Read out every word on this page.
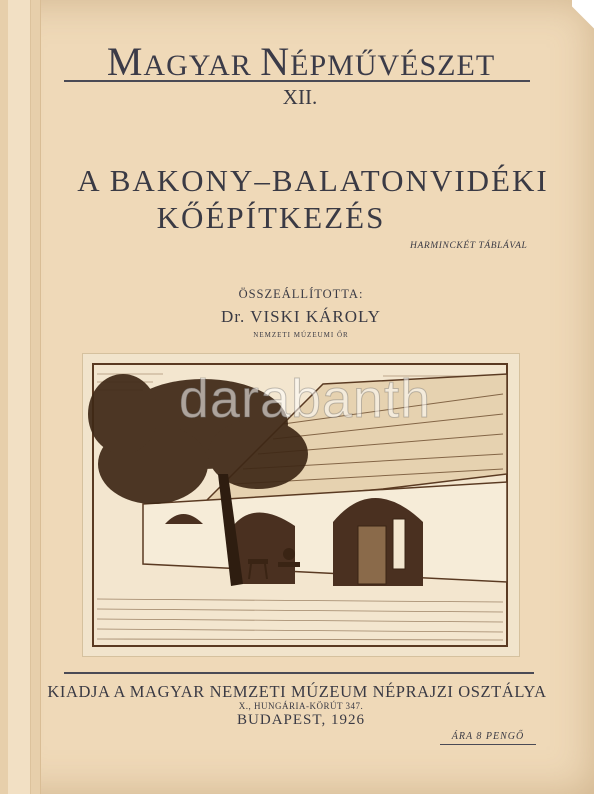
MAGYAR NÉPMŰVÉSZET
XII.
A BAKONY–BALATONVIDÉKI
KŐÉPÍTKEZÉS
HARMINCKÉT TÁBLÁVAL
ÖSSZEÁLLÍTOTTA:
Dr. VISKI KÁROLY
NEMZETI MÚZEUMI ŐR
darabanth
KIADJA A MAGYAR NEMZETI MÚZEUM NÉPRAJZI OSZTÁLYA
X., HUNGÁRIA-KÖRÚT 347.
BUDAPEST, 1926
ÁRA 8 PENGŐ
